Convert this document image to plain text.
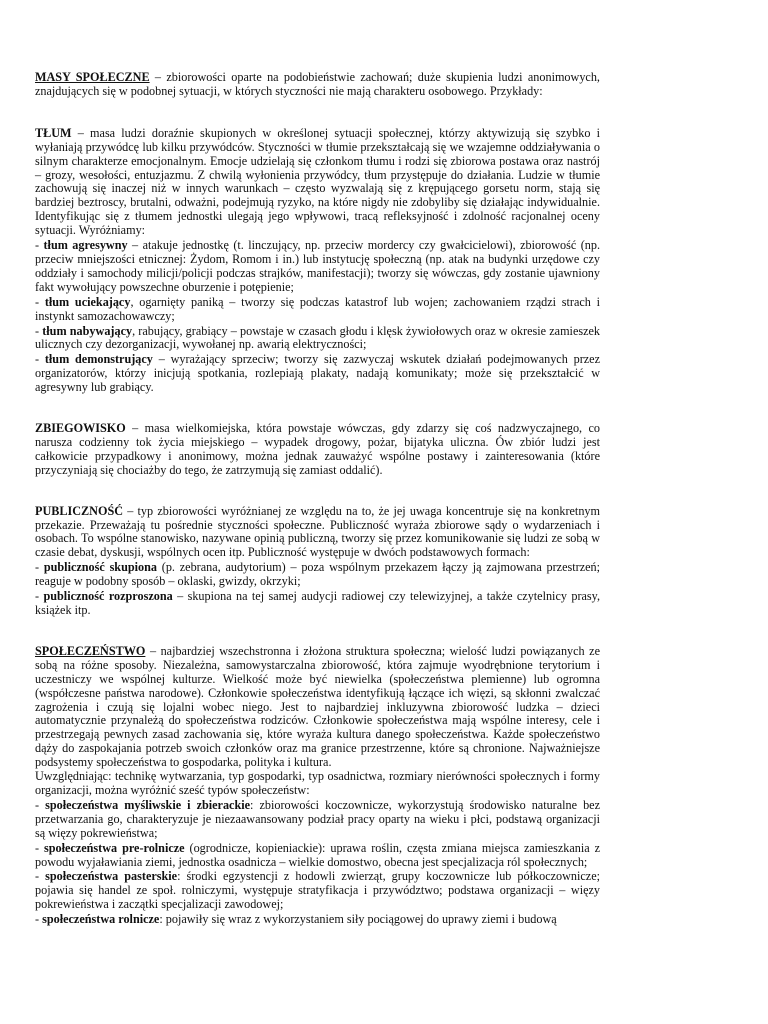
MASY SPOŁECZNE – zbiorowości oparte na podobieństwie zachowań; duże skupienia ludzi anonimowych, znajdujących się w podobnej sytuacji, w których styczności nie mają charakteru osobowego. Przykłady:

TŁUM – masa ludzi doraźnie skupionych w określonej sytuacji społecznej, którzy aktywizują się szybko i wyłaniają przywódcę lub kilku przywódców. Styczności w tłumie przekształcają się we wzajemne oddziaływania o silnym charakterze emocjonalnym. Emocje udzielają się członkom tłumu i rodzi się zbiorowa postawa oraz nastrój – grozy, wesołości, entuzjazmu. Z chwilą wyłonienia przywódcy, tłum przystępuje do działania. Ludzie w tłumie zachowują się inaczej niż w innych warunkach – często wyzwalają się z krępującego gorsetu norm, stają się bardziej beztroscy, brutalni, odważni, podejmują ryzyko, na które nigdy nie zdobyliby się działając indywidualnie. Identyfikując się z tłumem jednostki ulegają jego wpływowi, tracą refleksyjność i zdolność racjonalnej oceny sytuacji. Wyróżniamy:

- tłum agresywny – atakuje jednostkę (t. linczujący, np. przeciw mordercy czy gwałcicielowi), zbiorowość (np. przeciw mniejszości etnicznej: Żydom, Romom i in.) lub instytucję społeczną (np. atak na budynki urzędowe czy oddziały i samochody milicji/policji podczas strajków, manifestacji); tworzy się wówczas, gdy zostanie ujawniony fakt wywołujący powszechne oburzenie i potępienie;

- tłum uciekający, ogarnięty paniką – tworzy się podczas katastrof lub wojen; zachowaniem rządzi strach i instynkt samozachowawczy;

- tłum nabywający, rabujący, grabiący – powstaje w czasach głodu i klęsk żywiołowych oraz w okresie zamieszek ulicznych czy dezorganizacji, wywołanej np. awarią elektryczności;

- tłum demonstrujący – wyrażający sprzeciw; tworzy się zazwyczaj wskutek działań podejmowanych przez organizatorów, którzy inicjują spotkania, rozlepiają plakaty, nadają komunikaty; może się przekształcić w agresywny lub grabiący.

ZBIEGOWISKO – masa wielkomiejska, która powstaje wówczas, gdy zdarzy się coś nadzwyczajnego, co narusza codzienny tok życia miejskiego – wypadek drogowy, pożar, bijatyka uliczna. Ów zbiór ludzi jest całkowicie przypadkowy i anonimowy, można jednak zauważyć wspólne postawy i zainteresowania (które przyczyniają się chociażby do tego, że zatrzymują się zamiast oddalić).

PUBLICZNOŚĆ – typ zbiorowości wyróżnianej ze względu na to, że jej uwaga koncentruje się na konkretnym przekazie. Przeważają tu pośrednie styczności społeczne. Publiczność wyraża zbiorowe sądy o wydarzeniach i osobach. To wspólne stanowisko, nazywane opinią publiczną, tworzy się przez komunikowanie się ludzi ze sobą w czasie debat, dyskusji, wspólnych ocen itp. Publiczność występuje w dwóch podstawowych formach:

- publiczność skupiona (p. zebrana, audytorium) – poza wspólnym przekazem łączy ją zajmowana przestrzeń; reaguje w podobny sposób – oklaski, gwizdy, okrzyki;

- publiczność rozproszona – skupiona na tej samej audycji radiowej czy telewizyjnej, a także czytelnicy prasy, książek itp.

SPOŁECZEŃSTWO – najbardziej wszechstronna i złożona struktura społeczna; wielość ludzi powiązanych ze sobą na różne sposoby. Niezależna, samowystarczalna zbiorowość, która zajmuje wyodrębnione terytorium i uczestniczy we wspólnej kulturze. Wielkość może być niewielka (społeczeństwa plemienne) lub ogromna (współczesne państwa narodowe). Członkowie społeczeństwa identyfikują łączące ich więzi, są skłonni zwalczać zagrożenia i czują się lojalni wobec niego. Jest to najbardziej inkluzywna zbiorowość ludzka – dzieci automatycznie przynależą do społeczeństwa rodziców. Członkowie społeczeństwa mają wspólne interesy, cele i przestrzegają pewnych zasad zachowania się, które wyraża kultura danego społeczeństwa. Każde społeczeństwo dąży do zaspokajania potrzeb swoich członków oraz ma granice przestrzenne, które są chronione. Najważniejsze podsystemy społeczeństwa to gospodarka, polityka i kultura.

Uwzględniając: technikę wytwarzania, typ gospodarki, typ osadnictwa, rozmiary nierówności społecznych i formy organizacji, można wyróżnić sześć typów społeczeństw:

- społeczeństwa myśliwskie i zbierackie: zbiorowości koczownicze, wykorzystują środowisko naturalne bez przetwarzania go, charakteryzuje je niezaawansowany podział pracy oparty na wieku i płci, podstawą organizacji są więzy pokrewieństwa;

- społeczeństwa pre-rolnicze (ogrodnicze, kopieniackie): uprawa roślin, częsta zmiana miejsca zamieszkania z powodu wyjaławiania ziemi, jednostka osadnicza – wielkie domostwo, obecna jest specjalizacja ról społecznych;

- społeczeństwa pasterskie: środki egzystencji z hodowli zwierząt, grupy koczownicze lub półkoczownicze; pojawia się handel ze społ. rolniczymi, występuje stratyfikacja i przywództwo; podstawa organizacji – więzy pokrewieństwa i zaczątki specjalizacji zawodowej;

- społeczeństwa rolnicze: pojawiły się wraz z wykorzystaniem siły pociągowej do uprawy ziemi i budową
